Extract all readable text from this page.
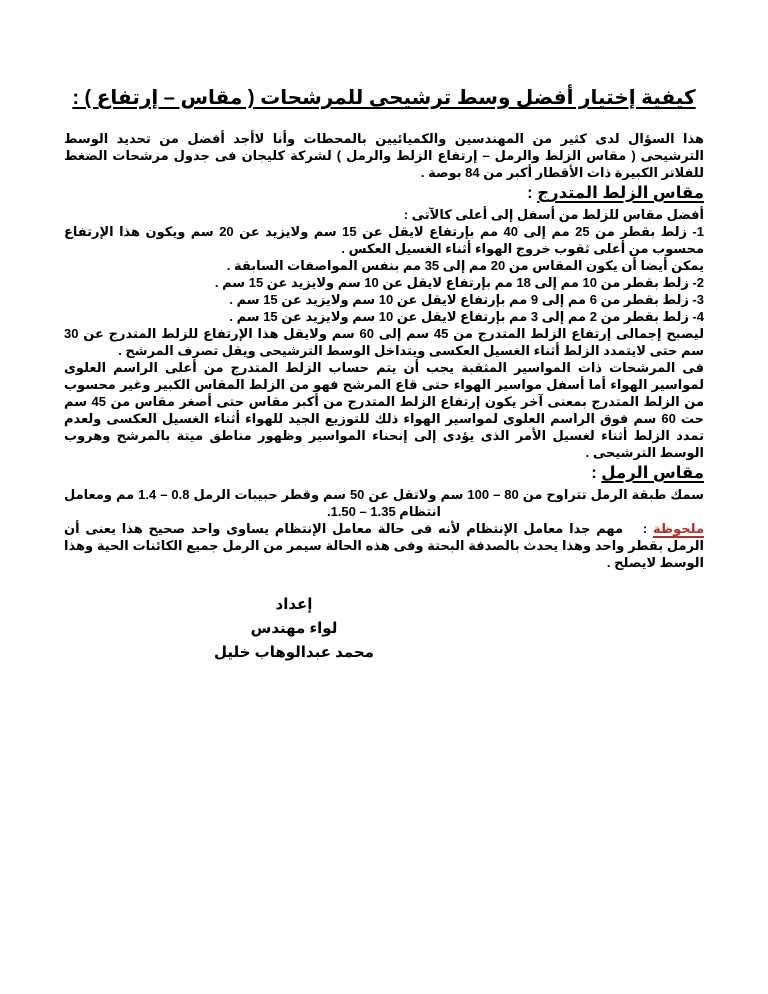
كيفية إختيار أفضل وسط ترشيحى للمرشحات ( مقاس – إرتفاع ) :

هذا السؤال لدى كثير من المهندسين والكميائيين بالمحطات وأنا لاأجد أفضل من تحديد الوسط الترشيحى ( مقاس الزلط والرمل – إرتفاع الزلط والرمل ) لشركة كليجان فى جدول مرشحات الضغط للفلاتر الكبيرة ذات الأقطار أكبر من 84 بوصة .

مقاس الزلط المتدرج :

أفضل مقاس للزلط من أسفل إلى أعلى كالآتى :

1- زلط بقطر من 25 مم إلى 40 مم بإرتفاع لايقل عن 15 سم ولايزيد عن 20 سم ويكون هذا الإرتفاع محسوب من أعلى ثقوب خروج الهواء أثناء الغسيل العكس .

يمكن أيضا أن يكون المقاس من 20 مم إلى 35 مم بنفس المواصفات السابقة .

2- زلط بقطر من 10 مم إلى 18 مم بإرتفاع لايقل عن 10 سم ولايزيد عن 15 سم .

3- زلط بقطر من 6 مم إلى 9 مم بإرتفاع لايقل عن 10 سم ولايزيد عن 15 سم .

4- زلط بقطر من 2 مم إلى 3 مم بإرتفاع لايقل عن 10 سم ولايزيد عن 15 سم .

ليصبح إجمالى إرتفاع الزلط المتدرج من 45 سم إلى 60 سم ولايقل هذا الإرتفاع للزلط المتدرج عن 30 سم حتى لايتمدد الزلط أثناء الغسيل العكسى ويتداخل الوسط الترشيحى ويقل تصرف المرشح .

فى المرشحات ذات المواسير المثقبة يجب أن يتم حساب الزلط المتدرج من أعلى الراسم العلوى لمواسير الهواء أما أسفل مواسير الهواء حتى قاع المرشح فهو من الزلط المقاس الكبير وغير محسوب من الزلط المتدرج بمعنى آخر يكون إرتفاع الزلط المتدرج من أكبر مقاس حتى أصغر مقاس من 45 سم حت 60 سم فوق الراسم العلوى لمواسير الهواء ذلك للتوزيع الجيد للهواء أثناء الغسيل العكسى ولعدم تمدد الزلط أثناء لغسيل الأمر الذى يؤدى إلى إنحناء المواسير وظهور مناطق ميتة بالمرشح وهروب الوسط الترشيحى .

مقاس الرمل :

سمك طبقة الرمل تتراوح من 80 – 100 سم ولاتقل عن 50 سم وقطر حبيبات الرمل 0.8 – 1.4 مم ومعامل انتظام 1.35 – 1.50.

ملحوظة : مهم جدا معامل الإنتظام لأنه فى حالة معامل الإنتظام يساوى واحد صحيح هذا يعنى أن الرمل بقطر واحد وهذا يحدث بالصدفة البحتة وفى هذه الحالة سيمر من الرمل جميع الكائنات الحية وهذا الوسط لايصلح .

إعداد
لواء مهندس
محمد عبدالوهاب خليل
